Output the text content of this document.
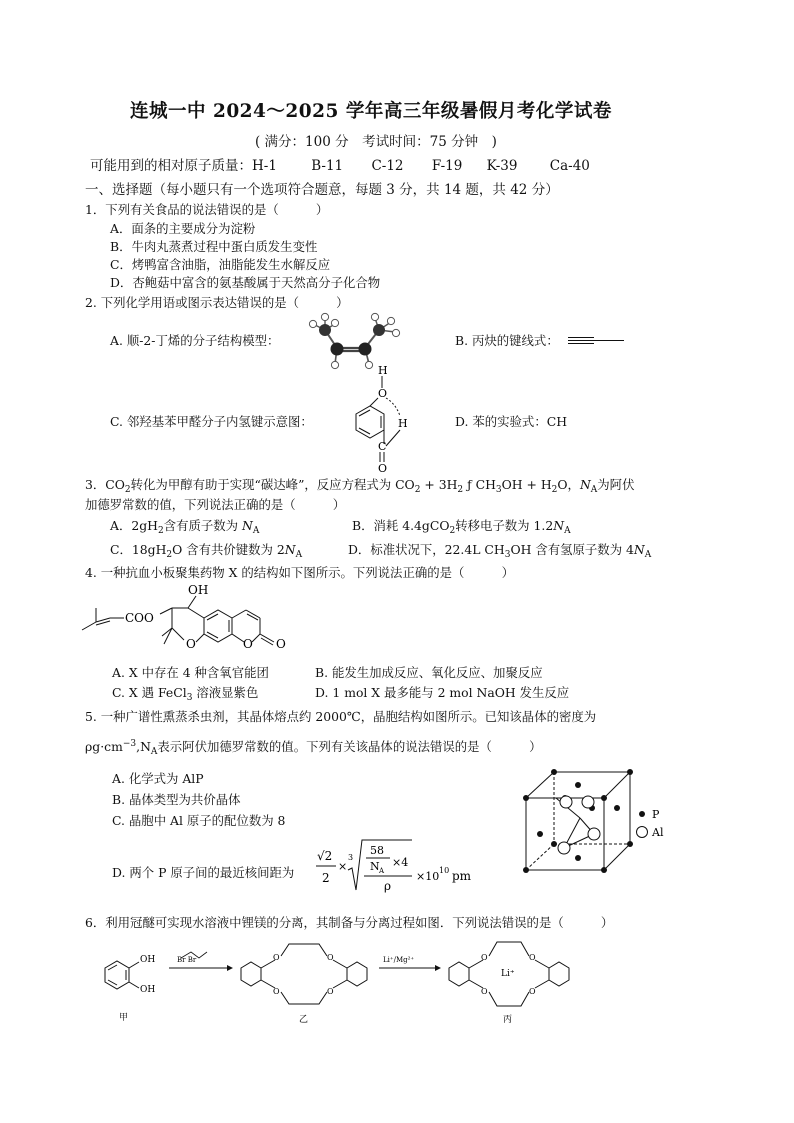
连城一中 2024～2025 学年高三年级暑假月考化学试卷
( 满分：100 分　考试时间：75 分钟　)
可能用到的相对原子质量：H-1	B-11 C-12 F-19 K-39 Ca-40
一、选择题（每小题只有一个选项符合题意，每题 3 分，共 14 题，共 42 分）
1．下列有关食品的说法错误的是（　　　）
A．面条的主要成分为淀粉
B．牛肉丸蒸煮过程中蛋白质发生变性
C．烤鸭富含油脂，油脂能发生水解反应
D．杏鲍菇中富含的氨基酸属于天然高分子化合物
2. 下列化学用语或图示表达错误的是（　　　）
A. 顺-2-丁烯的分子结构模型：	B. 丙炔的键线式：
C. 邻羟基苯甲醛分子内氢键示意图：
H
O
H
C
O
D. 苯的实验式：CH
3．$CO_2$转化为甲醇有助于实现“碳达峰”，反应方程式为 $CO_2 + 3H_2$ ƒ $CH_3OH + H_2O$，$N_A$为阿伏
加德罗常数的值，下列说法正确的是（　　　）
A．$2gH_2$含有质子数为 $N_A$	B．消耗 4.4gCO$_2$转移电子数为 $1.2N_A$
C．$18gH_2O$ 含有共价键数为 $2N_A$	D．标准状况下，22.4L $CH_3OH$ 含有氢原子数为 $4N_A$
4. 一种抗血小板聚集药物 X 的结构如下图所示。下列说法正确的是（　　　）
OH
COO
O	O O
A. X 中存在 4 种含氧官能团	B. 能发生加成反应、氧化反应、加聚反应
C. X 遇 FeCl$_3$ 溶液显紫色	D. 1 mol X 最多能与 2 mol NaOH 发生反应
5. 一种广谱性熏蒸杀虫剂，其晶体熔点约 2000℃，晶胞结构如图所示。已知该晶体的密度为
$\rho g\cdot cm^{-3},N_A$表示阿伏加德罗常数的值。下列有关该晶体的说法错误的是（　　　）
A. 化学式为 AlP
B. 晶体类型为共价晶体
C. 晶胞中 Al 原子的配位数为 8
D. 两个 P 原子间的最近核间距为
√2
2
×
3
58
N A
×4
ρ
×10 10 pm
P
Al
6．利用冠醚可实现水溶液中锂镁的分离，其制备与分离过程如图．下列说法错误的是（　　　）
OH
OH
甲
Br Br	O	O
O	O
乙
Li⁺/Mg²⁺
Li⁺
O	O
O	O
丙
